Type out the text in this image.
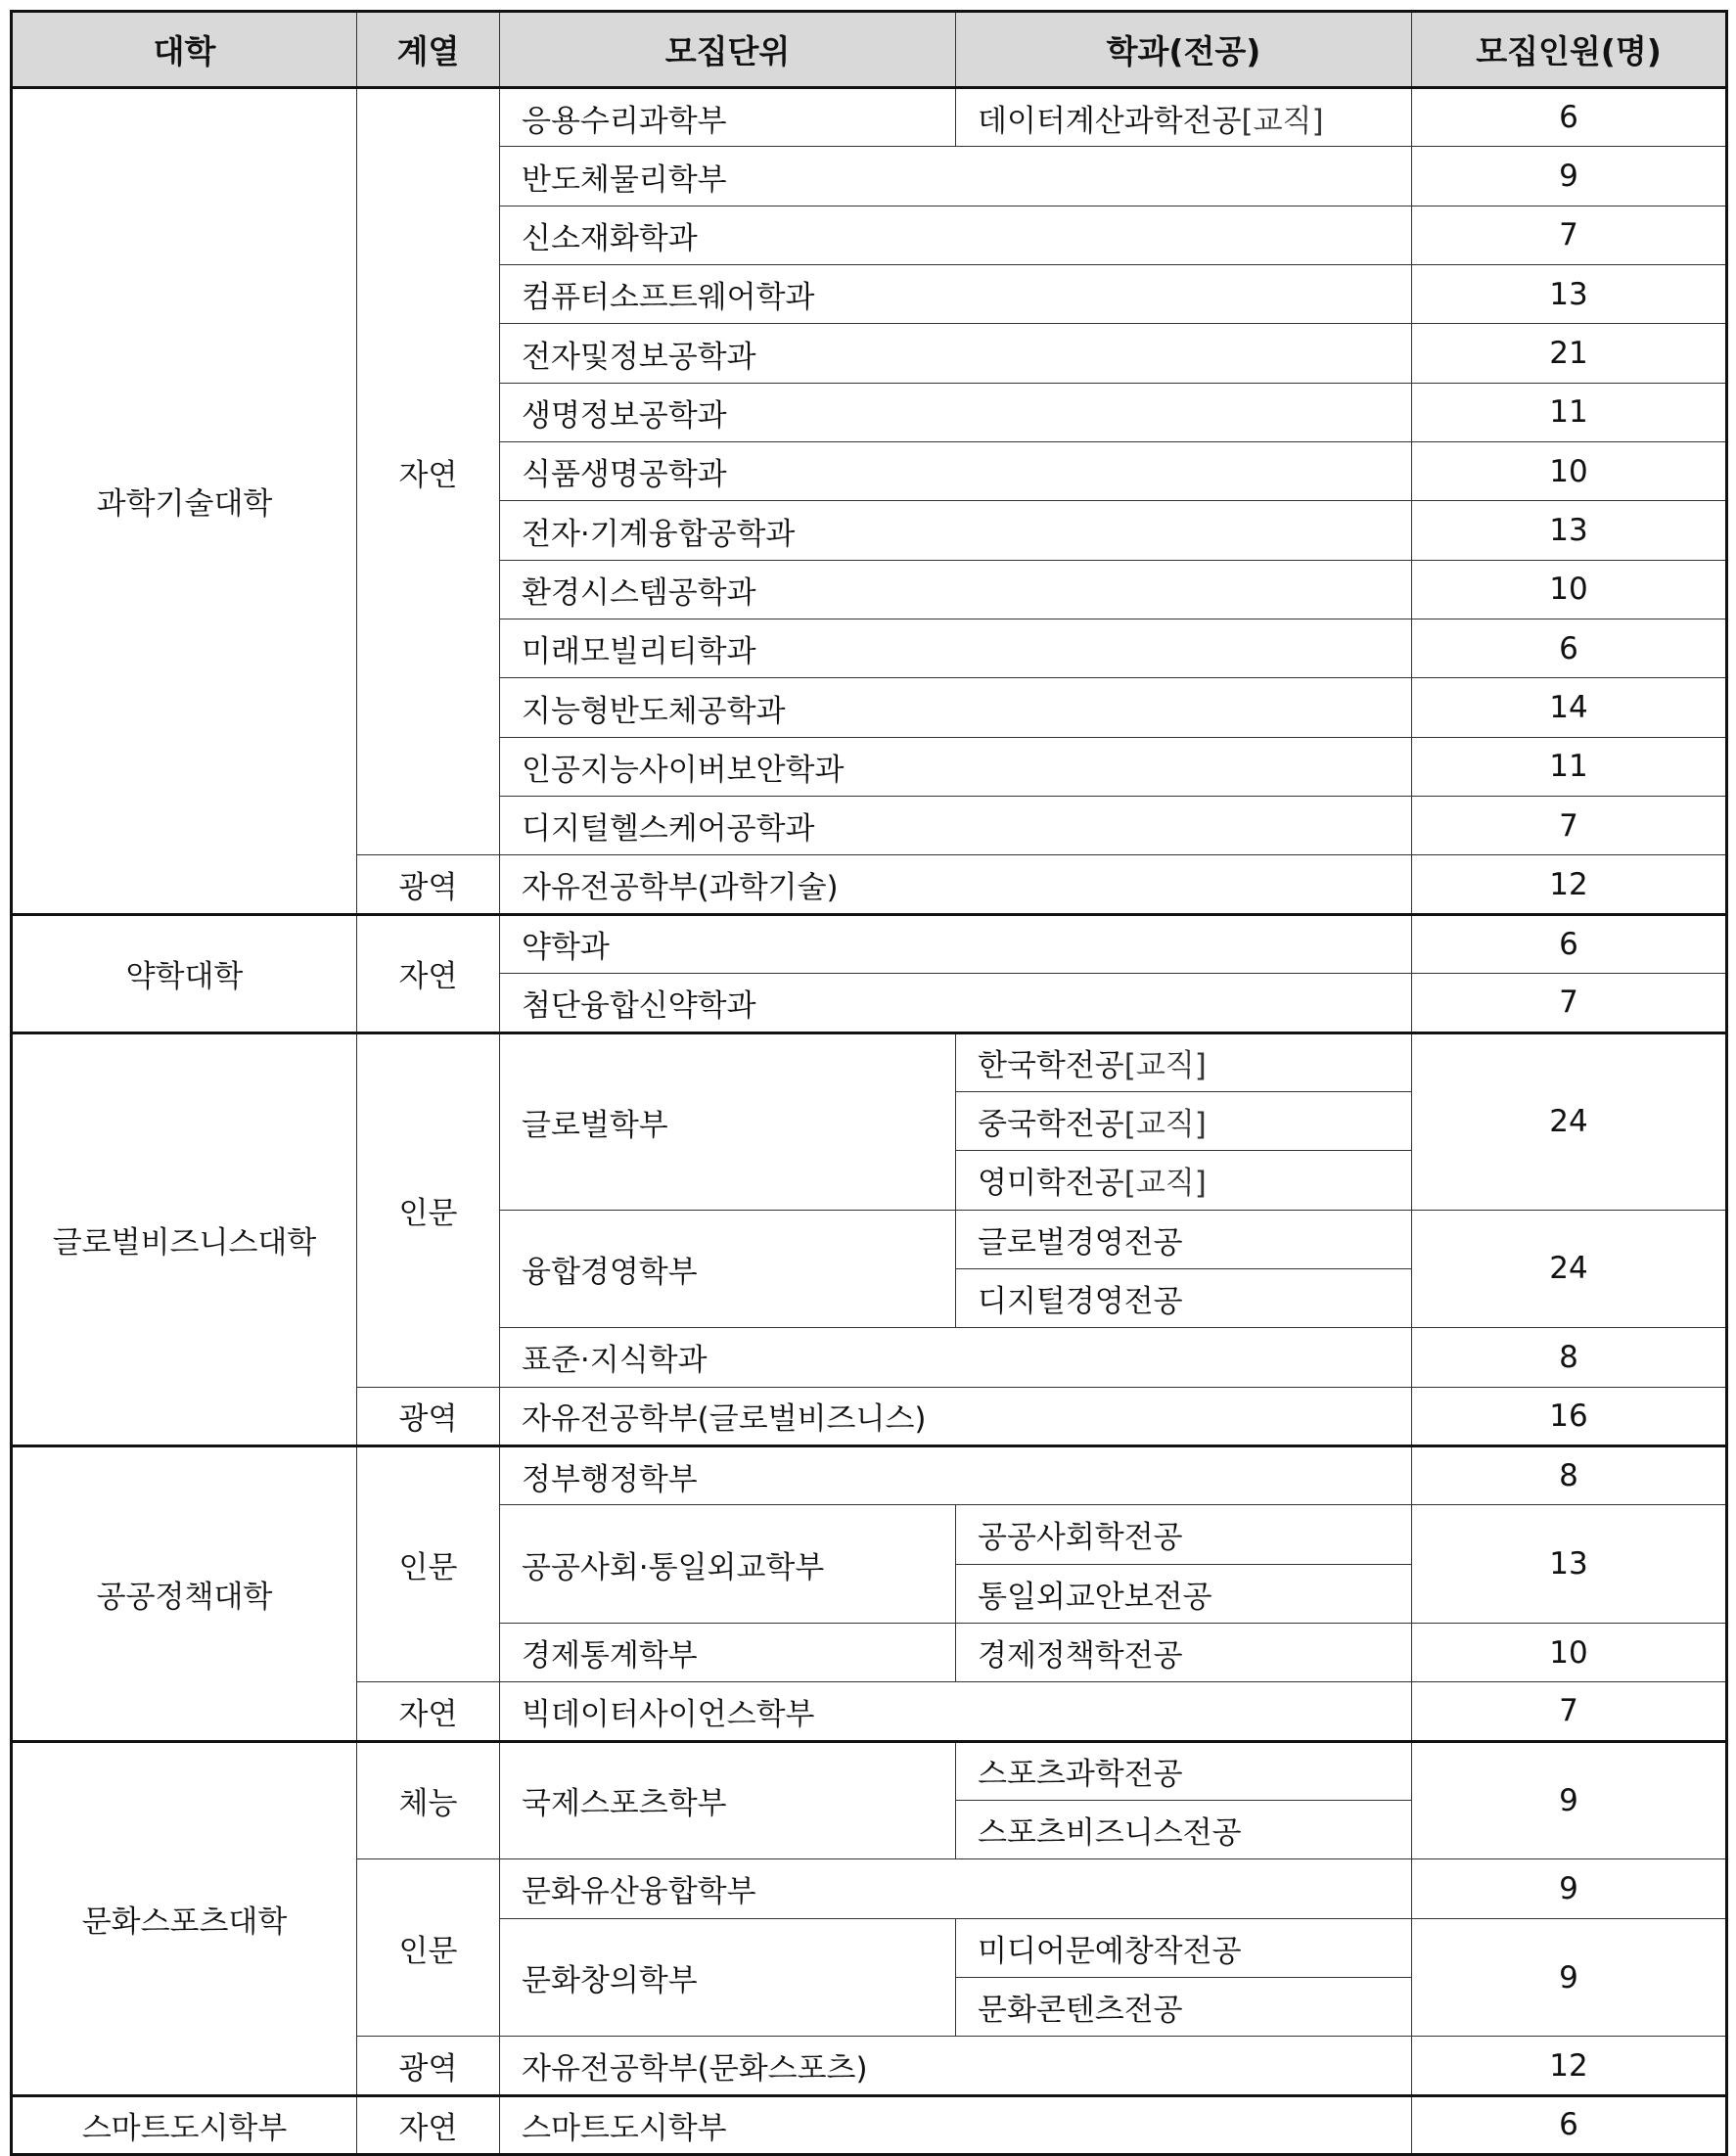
대학	계열	모집단위	학과(전공)	모집인원(명)
과학기술대학	자연	응용수리과학부	데이터계산과학전공[교직]	6
		반도체물리학부		9
		신소재화학과		7
		컴퓨터소프트웨어학과		13
		전자및정보공학과		21
		생명정보공학과		11
		식품생명공학과		10
		전자·기계융합공학과		13
		환경시스템공학과		10
		미래모빌리티학과		6
		지능형반도체공학과		14
		인공지능사이버보안학과		11
		디지털헬스케어공학과		7
	광역	자유전공학부(과학기술)		12
약학대학	자연	약학과		6
		첨단융합신약학과		7
글로벌비즈니스대학	인문	글로벌학부	한국학전공[교직]	24
			중국학전공[교직]	
			영미학전공[교직]	
		융합경영학부	글로벌경영전공	24
			디지털경영전공	
		표준·지식학과		8
	광역	자유전공학부(글로벌비즈니스)		16
공공정책대학	인문	정부행정학부		8
		공공사회·통일외교학부	공공사회학전공	13
			통일외교안보전공	
		경제통계학부	경제정책학전공	10
	자연	빅데이터사이언스학부		7
문화스포츠대학	체능	국제스포츠학부	스포츠과학전공	9
			스포츠비즈니스전공	
	인문	문화유산융합학부		9
		문화창의학부	미디어문예창작전공	9
			문화콘텐츠전공	
	광역	자유전공학부(문화스포츠)		12
스마트도시학부	자연	스마트도시학부		6
